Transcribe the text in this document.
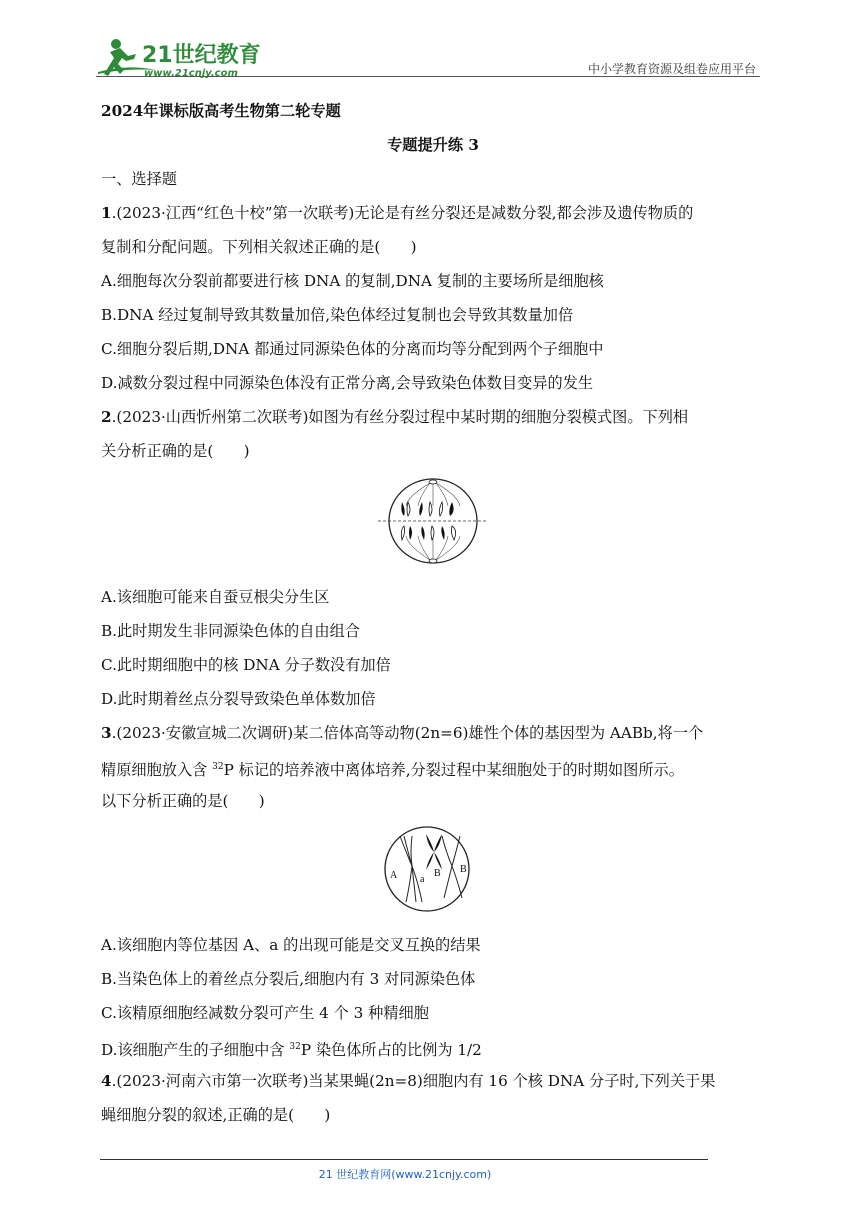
21世纪教育
www.21cnjy.com	中小学教育资源及组卷应用平台
2024年课标版高考生物第二轮专题
专题提升练 3
一、选择题
1.(2023·江西“红色十校”第一次联考)无论是有丝分裂还是减数分裂,都会涉及遗传物质的
复制和分配问题。下列相关叙述正确的是(　　)
A.细胞每次分裂前都要进行核 DNA 的复制,DNA 复制的主要场所是细胞核
B.DNA 经过复制导致其数量加倍,染色体经过复制也会导致其数量加倍
C.细胞分裂后期,DNA 都通过同源染色体的分离而均等分配到两个子细胞中
D.减数分裂过程中同源染色体没有正常分离,会导致染色体数目变异的发生
2.(2023·山西忻州第二次联考)如图为有丝分裂过程中某时期的细胞分裂模式图。下列相
关分析正确的是(　　)
A.该细胞可能来自蚕豆根尖分生区
B.此时期发生非同源染色体的自由组合
C.此时期细胞中的核 DNA 分子数没有加倍
D.此时期着丝点分裂导致染色单体数加倍
3.(2023·安徽宣城二次调研)某二倍体高等动物(2n=6)雄性个体的基因型为 AABb,将一个
精原细胞放入含 $^{32}$P 标记的培养液中离体培养,分裂过程中某细胞处于的时期如图所示。
以下分析正确的是(　　)
A a
B B
A.该细胞内等位基因 A、a 的出现可能是交叉互换的结果
B.当染色体上的着丝点分裂后,细胞内有 3 对同源染色体
C.该精原细胞经减数分裂可产生 4 个 3 种精细胞
D.该细胞产生的子细胞中含 $^{32}$P 染色体所占的比例为 1/2
4.(2023·河南六市第一次联考)当某果蝇(2n=8)细胞内有 16 个核 DNA 分子时,下列关于果
蝇细胞分裂的叙述,正确的是(　　)
21 世纪教育网(www.21cnjy.com)
